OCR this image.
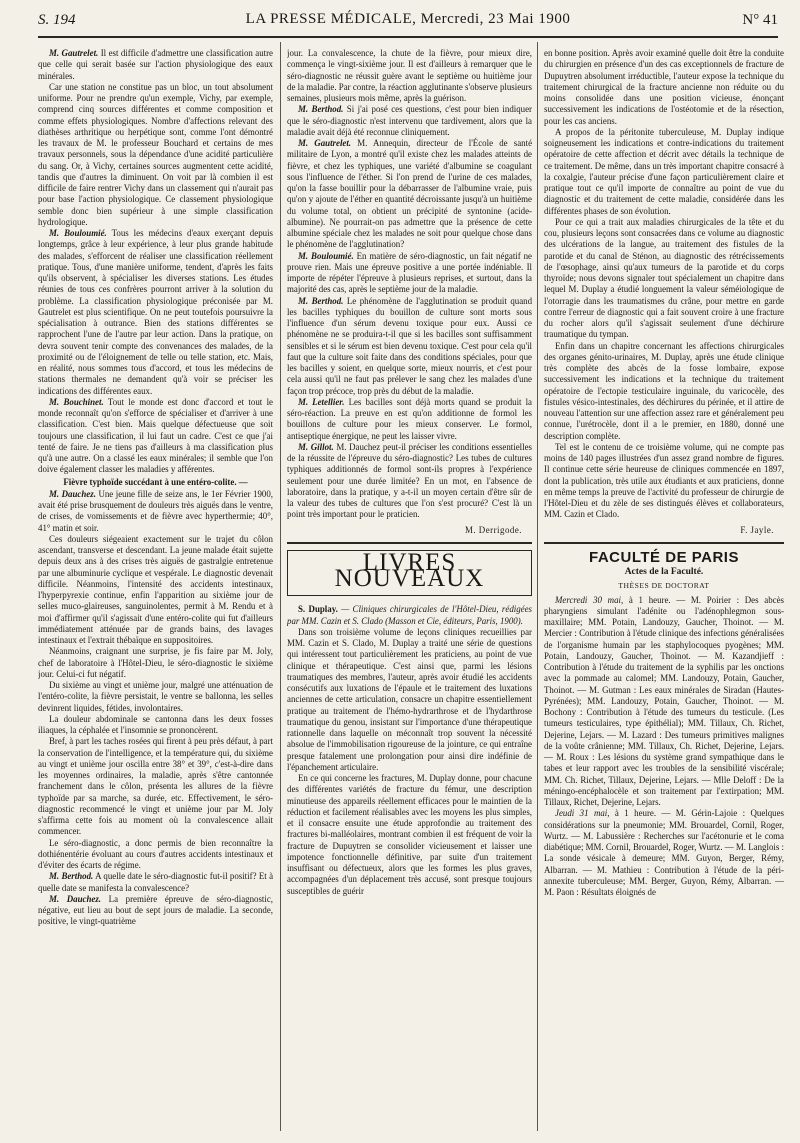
S. 194	LA PRESSE MÉDICALE, Mercredi, 23 Mai 1900	N° 41

M. Gautrelet. Il est difficile d'admettre une classification autre que celle qui serait basée sur l'action physiologique des eaux minérales.

Car une station ne constitue pas un bloc, un tout absolument uniforme. Pour ne prendre qu'un exemple, Vichy, par exemple, comprend cinq sources différentes et comme composition et comme effets physiologiques. Nombre d'affections relevant des diathèses arthritique ou herpétique sont, comme l'ont démontré les travaux de M. le professeur Bouchard et certains de mes travaux personnels, sous la dépendance d'une acidité particulière du sang. Or, à Vichy, certaines sources augmentent cette acidité, tandis que d'autres la diminuent. On voit par là combien il est difficile de faire rentrer Vichy dans un classement qui n'aurait pas pour base l'action physiologique. Ce classement physiologique semble donc bien supérieur à une simple classification hydrologique.

M. Bouloumié. Tous les médecins d'eaux exerçant depuis longtemps, grâce à leur expérience, à leur plus grande habitude des malades, s'efforcent de réaliser une classification réellement pratique. Tous, d'une manière uniforme, tendent, d'après les faits qu'ils observent, à spécialiser les diverses stations. Les études réunies de tous ces confrères pourront arriver à la solution du problème. La classification physiologique préconisée par M. Gautrelet est plus scientifique. On ne peut toutefois poursuivre la spécialisation à outrance. Bien des stations différentes se rapprochent l'une de l'autre par leur action. Dans la pratique, on devra souvent tenir compte des convenances des malades, de la proximité ou de l'éloignement de telle ou telle station, etc. Mais, en réalité, nous sommes tous d'accord, et tous les médecins de stations thermales ne demandent qu'à voir se préciser les indications des différentes eaux.

M. Bouchinet. Tout le monde est donc d'accord et tout le monde reconnaît qu'on s'efforce de spécialiser et d'arriver à une classification. C'est bien. Mais quelque défectueuse que soit toujours une classification, il lui faut un cadre. C'est ce que j'ai tenté de faire. Je ne tiens pas d'ailleurs à ma classification plus qu'à une autre. On a classé les eaux minérales; il semble que l'on doive également classer les maladies y afférentes.

Fièvre typhoïde succédant à une entéro-colite. —

M. Dauchez. Une jeune fille de seize ans, le 1er Février 1900, avait été prise brusquement de douleurs très aiguës dans le ventre, de crises, de vomissements et de fièvre avec hyperthermie; 40°, 41° matin et soir.

Ces douleurs siégeaient exactement sur le trajet du côlon ascendant, transverse et descendant. La jeune malade était sujette depuis deux ans à des crises très aiguës de gastralgie entretenue par une albuminurie cyclique et vespérale. Le diagnostic devenait difficile. Néanmoins, l'intensité des accidents intestinaux, l'hyperpyrexie continue, enfin l'apparition au sixième jour de selles muco-glaireuses, sanguinolentes, permit à M. Rendu et à moi d'affirmer qu'il s'agissait d'une entéro-colite qui fut d'ailleurs immédiatement atténuée par de grands bains, des lavages intestinaux et l'extrait thébaïque en suppositoires.

Néanmoins, craignant une surprise, je fis faire par M. Joly, chef de laboratoire à l'Hôtel-Dieu, le séro-diagnostic le sixième jour. Celui-ci fut négatif.

Du sixième au vingt et unième jour, malgré une atténuation de l'entéro-colite, la fièvre persistait, le ventre se ballonna, les selles devinrent liquides, fétides, involontaires.

La douleur abdominale se cantonna dans les deux fosses iliaques, la céphalée et l'insomnie se prononcèrent.

Bref, à part les taches rosées qui firent à peu près défaut, à part la conservation de l'intelligence, et la température qui, du sixième au vingt et unième jour oscilla entre 38° et 39°, c'est-à-dire dans les moyennes ordinaires, la maladie, après s'être cantonnée franchement dans le côlon, présenta les allures de la fièvre typhoïde par sa marche, sa durée, etc. Effectivement, le séro-diagnostic recommencé le vingt et unième jour par M. Joly s'affirma cette fois au moment où la convalescence allait commencer.

Le séro-diagnostic, a donc permis de bien reconnaître la dothiénentérie évoluant au cours d'autres accidents intestinaux et d'éviter des écarts de régime.

M. Berthod. A quelle date le séro-diagnostic fut-il positif? Et à quelle date se manifesta la convalescence?

M. Dauchez. La première épreuve de séro-diagnostic, négative, eut lieu au bout de sept jours de maladie. La seconde, positive, le vingt-quatrième

jour. La convalescence, la chute de la fièvre, pour mieux dire, commença le vingt-sixième jour. Il est d'ailleurs à remarquer que le séro-diagnostic ne réussit guère avant le septième ou huitième jour de la maladie. Par contre, la réaction agglutinante s'observe plusieurs semaines, plusieurs mois même, après la guérison.

M. Berthod. Si j'ai posé ces questions, c'est pour bien indiquer que le séro-diagnostic n'est intervenu que tardivement, alors que la maladie avait déjà été reconnue cliniquement.

M. Gautrelet. M. Annequin, directeur de l'École de santé militaire de Lyon, a montré qu'il existe chez les malades atteints de fièvre, et chez les typhiques, une variété d'albumine se coagulant sous l'influence de l'éther. Si l'on prend de l'urine de ces malades, qu'on la fasse bouillir pour la débarrasser de l'albumine vraie, puis qu'on y ajoute de l'éther en quantité décroissante jusqu'à un huitième du volume total, on obtient un précipité de syntonine (acide-albumine). Ne pourrait-on pas admettre que la présence de cette albumine spéciale chez les malades ne soit pour quelque chose dans le phénomène de l'agglutination?

M. Bouloumié. En matière de séro-diagnostic, un fait négatif ne prouve rien. Mais une épreuve positive a une portée indéniable. Il importe de répéter l'épreuve à plusieurs reprises, et surtout, dans la majorité des cas, après le septième jour de la maladie.

M. Berthod. Le phénomène de l'agglutination se produit quand les bacilles typhiques du bouillon de culture sont morts sous l'influence d'un sérum devenu toxique pour eux. Aussi ce phénomène ne se produira-t-il que si les bacilles sont suffisamment sensibles et si le sérum est bien devenu toxique. C'est pour cela qu'il faut que la culture soit faite dans des conditions spéciales, pour que les bacilles y soient, en quelque sorte, mieux nourris, et c'est pour cela aussi qu'il ne faut pas prélever le sang chez les malades d'une façon trop précoce, trop près du début de la maladie.

M. Letellier. Les bacilles sont déjà morts quand se produit la séro-réaction. La preuve en est qu'on additionne de formol les bouillons de culture pour les mieux conserver. Le formol, antiseptique énergique, ne peut les laisser vivre.

M. Gillot. M. Dauchez peut-il préciser les conditions essentielles de la réussite de l'épreuve du séro-diagnostic? Les tubes de cultures typhiques additionnés de formol sont-ils propres à l'expérience seulement pour une durée limitée? En un mot, en l'absence de laboratoire, dans la pratique, y a-t-il un moyen certain d'être sûr de la valeur des tubes de cultures que l'on s'est procuré? C'est là un point très important pour le praticien.

M. Derrigode.

LIVRES NOUVEAUX

S. Duplay. — Cliniques chirurgicales de l'Hôtel-Dieu, rédigées par MM. Cazin et S. Clado (Masson et Cie, éditeurs, Paris, 1900).

Dans son troisième volume de leçons cliniques recueillies par MM. Cazin et S. Clado, M. Duplay a traité une série de questions qui intéressent tout particulièrement les praticiens, au point de vue clinique et thérapeutique. C'est ainsi que, parmi les lésions traumatiques des membres, l'auteur, après avoir étudié les accidents consécutifs aux luxations de l'épaule et le traitement des luxations anciennes de cette articulation, consacre un chapitre essentiellement pratique au traitement de l'hémo-hydrarthrose et de l'hydarthrose traumatique du genou, insistant sur l'importance d'une thérapeutique rationnelle dans laquelle on méconnaît trop souvent la nécessité absolue de l'immobilisation rigoureuse de la jointure, ce qui entraîne presque fatalement une prolongation pour ainsi dire indéfinie de l'épanchement articulaire.

En ce qui concerne les fractures, M. Duplay donne, pour chacune des différentes variétés de fracture du fémur, une description minutieuse des appareils réellement efficaces pour le maintien de la réduction et facilement réalisables avec les moyens les plus simples, et il consacre ensuite une étude approfondie au traitement des fractures bi-malléolaires, montrant combien il est fréquent de voir la fracture de Dupuytren se consolider vicieusement et laisser une impotence fonctionnelle définitive, par suite d'un traitement insuffisant ou défectueux, alors que les formes les plus graves, accompagnées d'un déplacement très accusé, sont presque toujours susceptibles de guérir

en bonne position. Après avoir examiné quelle doit être la conduite du chirurgien en présence d'un des cas exceptionnels de fracture de Dupuytren absolument irréductible, l'auteur expose la technique du traitement chirurgical de la fracture ancienne non réduite ou du moins consolidée dans une position vicieuse, énonçant successivement les indications de l'ostéotomie et de la résection, pour les cas anciens.

A propos de la péritonite tuberculeuse, M. Duplay indique soigneusement les indications et contre-indications du traitement opératoire de cette affection et décrit avec détails la technique de ce traitement. De même, dans un très important chapitre consacré à la coxalgie, l'auteur précise d'une façon particulièrement claire et pratique tout ce qu'il importe de connaître au point de vue du diagnostic et du traitement de cette maladie, considérée dans les différentes phases de son évolution.

Pour ce qui a trait aux maladies chirurgicales de la tête et du cou, plusieurs leçons sont consacrées dans ce volume au diagnostic des ulcérations de la langue, au traitement des fistules de la parotide et du canal de Sténon, au diagnostic des rétrécissements de l'œsophage, ainsi qu'aux tumeurs de la parotide et du corps thyroïde; nous devons signaler tout spécialement un chapitre dans lequel M. Duplay a étudié longuement la valeur séméiologique de l'otorragie dans les traumatismes du crâne, pour mettre en garde contre l'erreur de diagnostic qui a fait souvent croire à une fracture du rocher alors qu'il s'agissait seulement d'une déchirure traumatique du tympan.

Enfin dans un chapitre concernant les affections chirurgicales des organes génito-urinaires, M. Duplay, après une étude clinique très complète des abcès de la fosse lombaire, expose successivement les indications et la technique du traitement opératoire de l'ectopie testiculaire inguinale, du varicocèle, des fistules vésico-intestinales, des déchirures du périnée, et il attire de nouveau l'attention sur une affection assez rare et généralement peu connue, l'urétrocèle, dont il a le premier, en 1880, donné une description complète.

Tel est le contenu de ce troisième volume, qui ne compte pas moins de 140 pages illustrées d'un assez grand nombre de figures. Il continue cette série heureuse de cliniques commencée en 1897, dont la publication, très utile aux étudiants et aux praticiens, donne en même temps la preuve de l'activité du professeur de chirurgie de l'Hôtel-Dieu et du zèle de ses distingués élèves et collaborateurs, MM. Cazin et Clado.

F. Jayle.

FACULTÉ DE PARIS
Actes de la Faculté.
THÈSES DE DOCTORAT

Mercredi 30 mai, à 1 heure. — M. Poirier : Des abcès pharyngiens simulant l'adénite ou l'adénophlegmon sous-maxillaire; MM. Potain, Landouzy, Gaucher, Thoinot. — M. Mercier : Contribution à l'étude clinique des infections généralisées de l'organisme humain par les staphylocoques pyogènes; MM. Potain, Landouzy, Gaucher, Thoinot. — M. Kazandjieff : Contribution à l'étude du traitement de la syphilis par les onctions avec la pommade au calomel; MM. Landouzy, Potain, Gaucher, Thoinot. — M. Gutman : Les eaux minérales de Siradan (Hautes-Pyrénées); MM. Landouzy, Potain, Gaucher, Thoinot. — M. Bochony : Contribution à l'étude des tumeurs du testicule. (Les tumeurs testiculaires, type épithélial); MM. Tillaux, Ch. Richet, Dejerine, Lejars. — M. Lazard : Des tumeurs primitives malignes de la voûte crânienne; MM. Tillaux, Ch. Richet, Dejerine, Lejars. — M. Roux : Les lésions du système grand sympathique dans le tabes et leur rapport avec les troubles de la sensibilité viscérale; MM. Ch. Richet, Tillaux, Dejerine, Lejars. — Mlle Deloff : De la méningo-encéphalocèle et son traitement par l'extirpation; MM. Tillaux, Richet, Dejerine, Lejars.

Jeudi 31 mai, à 1 heure. — M. Gérin-Lajoie : Quelques considérations sur la pneumonie; MM. Brouardel, Cornil, Roger, Wurtz. — M. Labussière : Recherches sur l'acétonurie et le coma diabétique; MM. Cornil, Brouardel, Roger, Wurtz. — M. Langlois : La sonde vésicale à demeure; MM. Guyon, Berger, Rémy, Albarran. — M. Mathieu : Contribution à l'étude de la péri-annexite tuberculeuse; MM. Berger, Guyon, Rémy, Albarran. — M. Paon : Résultats éloignés de
